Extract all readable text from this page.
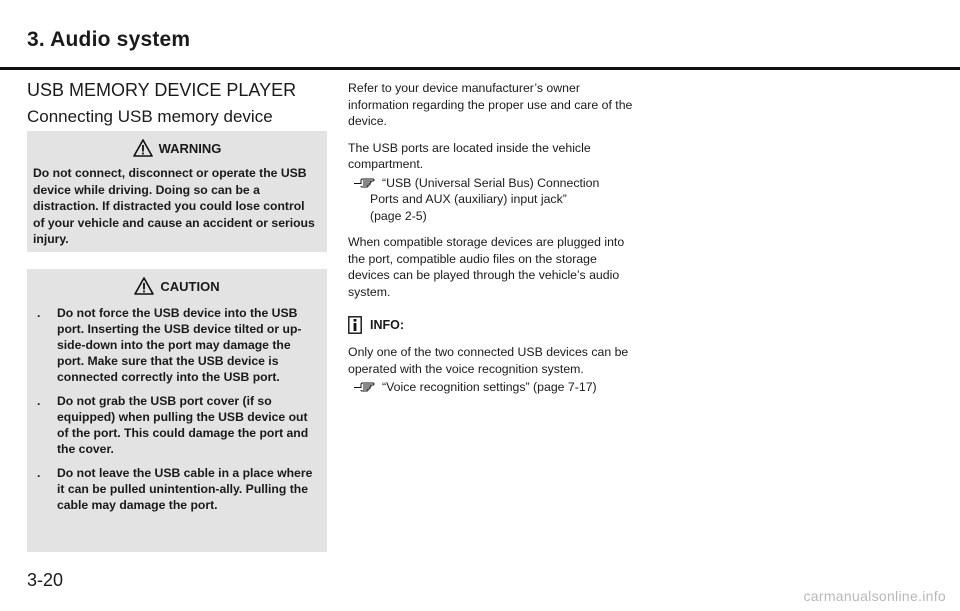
3. Audio system
USB MEMORY DEVICE PLAYER
Connecting USB memory device
WARNING
Do not connect, disconnect or operate the USB device while driving. Doing so can be a distraction. If distracted you could lose control of your vehicle and cause an accident or serious injury.
CAUTION
. Do not force the USB device into the USB port. Inserting the USB device tilted or up-side-down into the port may damage the port. Make sure that the USB device is connected correctly into the USB port.
. Do not grab the USB port cover (if so equipped) when pulling the USB device out of the port. This could damage the port and the cover.
. Do not leave the USB cable in a place where it can be pulled unintention-ally. Pulling the cable may damage the port.

Refer to your device manufacturer’s owner information regarding the proper use and care of the device.

The USB ports are located inside the vehicle compartment.

“USB (Universal Serial Bus) Connection
Ports and AUX (auxiliary) input jack”
(page 2-5)

When compatible storage devices are plugged into the port, compatible audio files on the storage devices can be played through the vehicle’s audio system.

INFO:

Only one of the two connected USB devices can be operated with the voice recognition system.

“Voice recognition settings” (page 7-17)
3-20
carmanualsonline.info
